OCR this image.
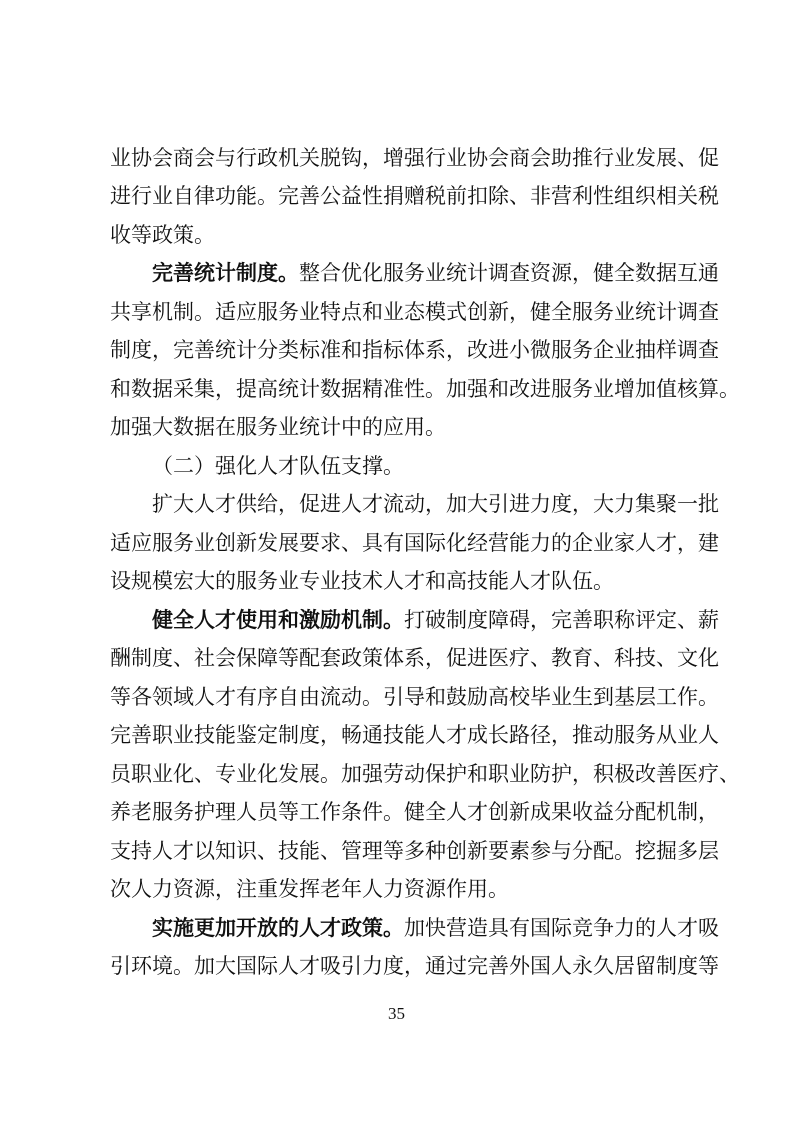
业协会商会与行政机关脱钩，增强行业协会商会助推行业发展、促
进行业自律功能。完善公益性捐赠税前扣除、非营利性组织相关税
收等政策。
完善统计制度。整合优化服务业统计调查资源，健全数据互通
共享机制。适应服务业特点和业态模式创新，健全服务业统计调查
制度，完善统计分类标准和指标体系，改进小微服务企业抽样调查
和数据采集，提高统计数据精准性。加强和改进服务业增加值核算。
加强大数据在服务业统计中的应用。
（二）强化人才队伍支撑。
扩大人才供给，促进人才流动，加大引进力度，大力集聚一批
适应服务业创新发展要求、具有国际化经营能力的企业家人才，建
设规模宏大的服务业专业技术人才和高技能人才队伍。
健全人才使用和激励机制。打破制度障碍，完善职称评定、薪
酬制度、社会保障等配套政策体系，促进医疗、教育、科技、文化
等各领域人才有序自由流动。引导和鼓励高校毕业生到基层工作。
完善职业技能鉴定制度，畅通技能人才成长路径，推动服务从业人
员职业化、专业化发展。加强劳动保护和职业防护，积极改善医疗、
养老服务护理人员等工作条件。健全人才创新成果收益分配机制，
支持人才以知识、技能、管理等多种创新要素参与分配。挖掘多层
次人力资源，注重发挥老年人力资源作用。
实施更加开放的人才政策。加快营造具有国际竞争力的人才吸
引环境。加大国际人才吸引力度，通过完善外国人永久居留制度等
35
